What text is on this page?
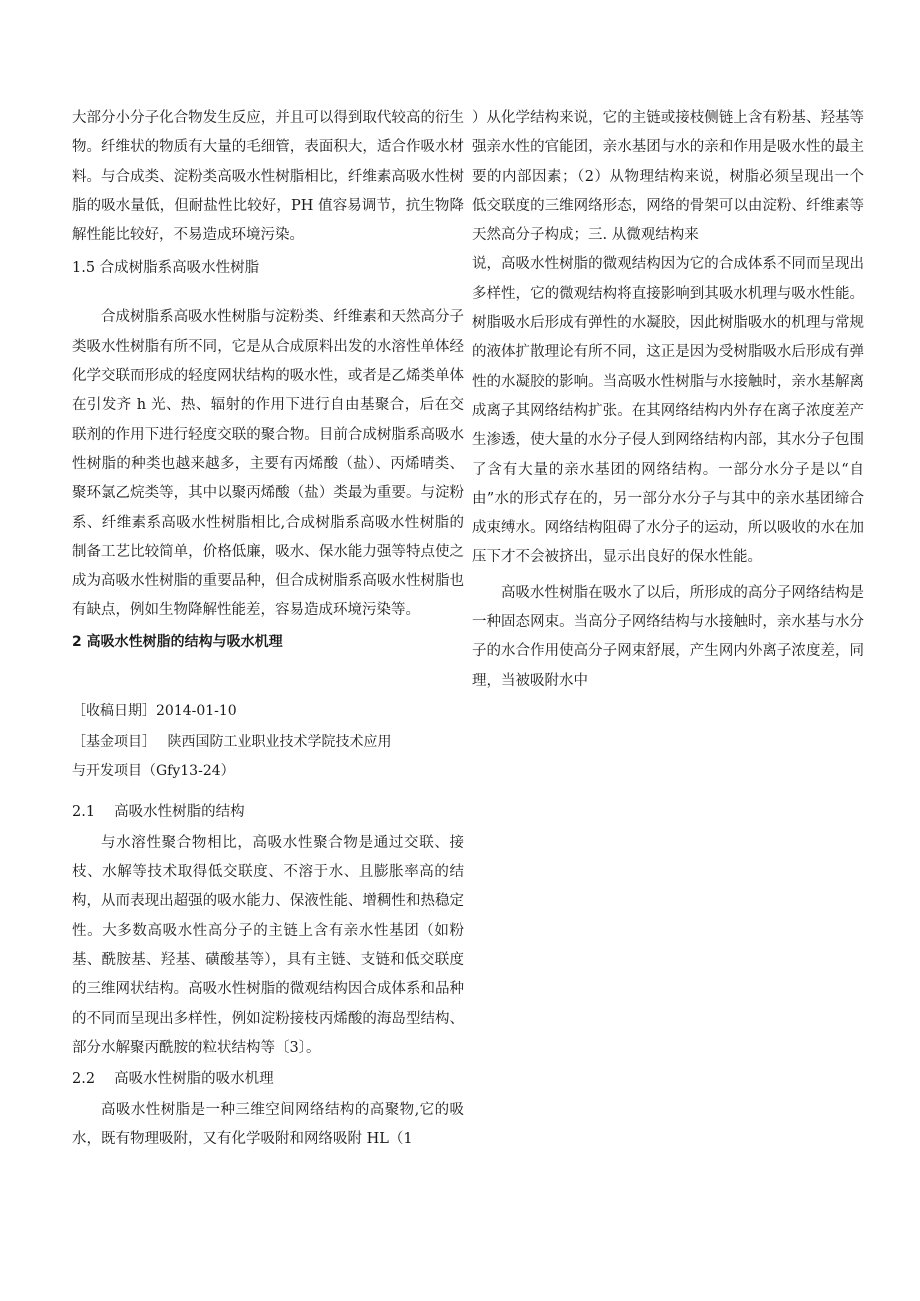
大部分小分子化合物发生反应，并且可以得到取代较高的衍生物。纤维状的物质有大量的毛细管，表面积大，适合作吸水材料。与合成类、淀粉类高吸水性树脂相比，纤维素高吸水性树脂的吸水量低，但耐盐性比较好，PH 值容易调节，抗生物降解性能比较好，不易造成环境污染。

1.5 合成树脂系高吸水性树脂

合成树脂系高吸水性树脂与淀粉类、纤维素和天然高分子类吸水性树脂有所不同，它是从合成原料出发的水溶性单体经化学交联而形成的轻度网状结构的吸水性，或者是乙烯类单体在引发齐 h 光、热、辐射的作用下进行自由基聚合，后在交联剂的作用下进行轻度交联的聚合物。目前合成树脂系高吸水性树脂的种类也越来越多，主要有丙烯酸（盐）、丙烯晴类、聚环氯乙烷类等，其中以聚丙烯酸（盐）类最为重要。与淀粉系、纤维素系高吸水性树脂相比,合成树脂系高吸水性树脂的制备工艺比较简单，价格低廉，吸水、保水能力强等特点使之成为高吸水性树脂的重要品种，但合成树脂系高吸水性树脂也有缺点，例如生物降解性能差，容易造成环境污染等。

2 高吸水性树脂的结构与吸水机理

［收稿日期］2014-01-10

［基金项目］　 陕西国防工业职业技术学院技术应用

与开发项目（Gfy13-24）

2.1　 高吸水性树脂的结构

与水溶性聚合物相比，高吸水性聚合物是通过交联、接枝、水解等技术取得低交联度、不溶于水、且膨胀率高的结构，从而表现出超强的吸水能力、保液性能、增稠性和热稳定性。大多数高吸水性高分子的主链上含有亲水性基团（如粉基、酰胺基、羟基、磺酸基等），具有主链、支链和低交联度的三维网状结构。高吸水性树脂的微观结构因合成体系和品种的不同而呈现出多样性，例如淀粉接枝丙烯酸的海岛型结构、部分水解聚丙酰胺的粒状结构等〔3〕。

2.2　 高吸水性树脂的吸水机理

高吸水性树脂是一种三维空间网络结构的高聚物,它的吸水，既有物理吸附，又有化学吸附和网络吸附 HL（1

）从化学结构来说，它的主链或接枝侧链上含有粉基、羟基等强亲水性的官能团，亲水基团与水的亲和作用是吸水性的最主要的内部因素；（2）从物理结构来说，树脂必须呈现出一个低交联度的三维网络形态，网络的骨架可以由淀粉、纤维素等天然高分子构成；三. 从微观结构来

说，高吸水性树脂的微观结构因为它的合成体系不同而呈现出多样性，它的微观结构将直接影响到其吸水机理与吸水性能。树脂吸水后形成有弹性的水凝胶，因此树脂吸水的机理与常规的液体扩散理论有所不同，这正是因为受树脂吸水后形成有弹性的水凝胶的影响。当高吸水性树脂与水接触时，亲水基解离成离子其网络结构扩张。在其网络结构内外存在离子浓度差产生渗透，使大量的水分子侵人到网络结构内部，其水分子包围了含有大量的亲水基团的网络结构。一部分水分子是以“自由”水的形式存在的，另一部分水分子与其中的亲水基团缔合成束缚水。网络结构阻碍了水分子的运动，所以吸收的水在加压下才不会被挤出，显示出良好的保水性能。

高吸水性树脂在吸水了以后，所形成的高分子网络结构是一种固态网束。当高分子网络结构与水接触时，亲水基与水分子的水合作用使高分子网束舒展，产生网内外离子浓度差，同理，当被吸附水中
